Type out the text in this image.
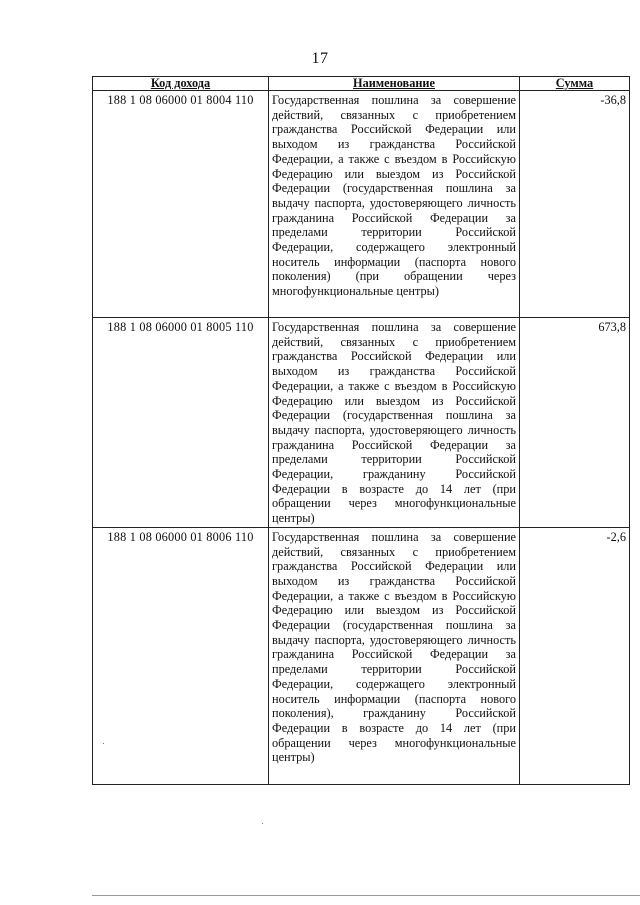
17
Код дохода	Наименование	Сумма
188 1 08 06000 01 8004 110	Государственная пошлина за совершение действий, связанных с приобретением гражданства Российской Федерации или выходом из гражданства Российской Федерации, а также с въездом в Российскую Федерацию или выездом из Российской Федерации (государственная пошлина за выдачу паспорта, удостоверяющего личность гражданина Российской Федерации за пределами территории Российской Федерации, содержащего электронный носитель информации (паспорта нового поколения) (при обращении через многофункциональные центры)	-36,8
188 1 08 06000 01 8005 110	Государственная пошлина за совершение действий, связанных с приобретением гражданства Российской Федерации или выходом из гражданства Российской Федерации, а также с въездом в Российскую Федерацию или выездом из Российской Федерации (государственная пошлина за выдачу паспорта, удостоверяющего личность гражданина Российской Федерации за пределами территории Российской Федерации, гражданину Российской Федерации в возрасте до 14 лет (при обращении через многофункциональные центры)	673,8
188 1 08 06000 01 8006 110	Государственная пошлина за совершение действий, связанных с приобретением гражданства Российской Федерации или выходом из гражданства Российской Федерации, а также с въездом в Российскую Федерацию или выездом из Российской Федерации (государственная пошлина за выдачу паспорта, удостоверяющего личность гражданина Российской Федерации за пределами территории Российской Федерации, содержащего электронный носитель информации (паспорта нового поколения), гражданину Российской Федерации в возрасте до 14 лет (при обращении через многофункциональные центры)	-2,6
